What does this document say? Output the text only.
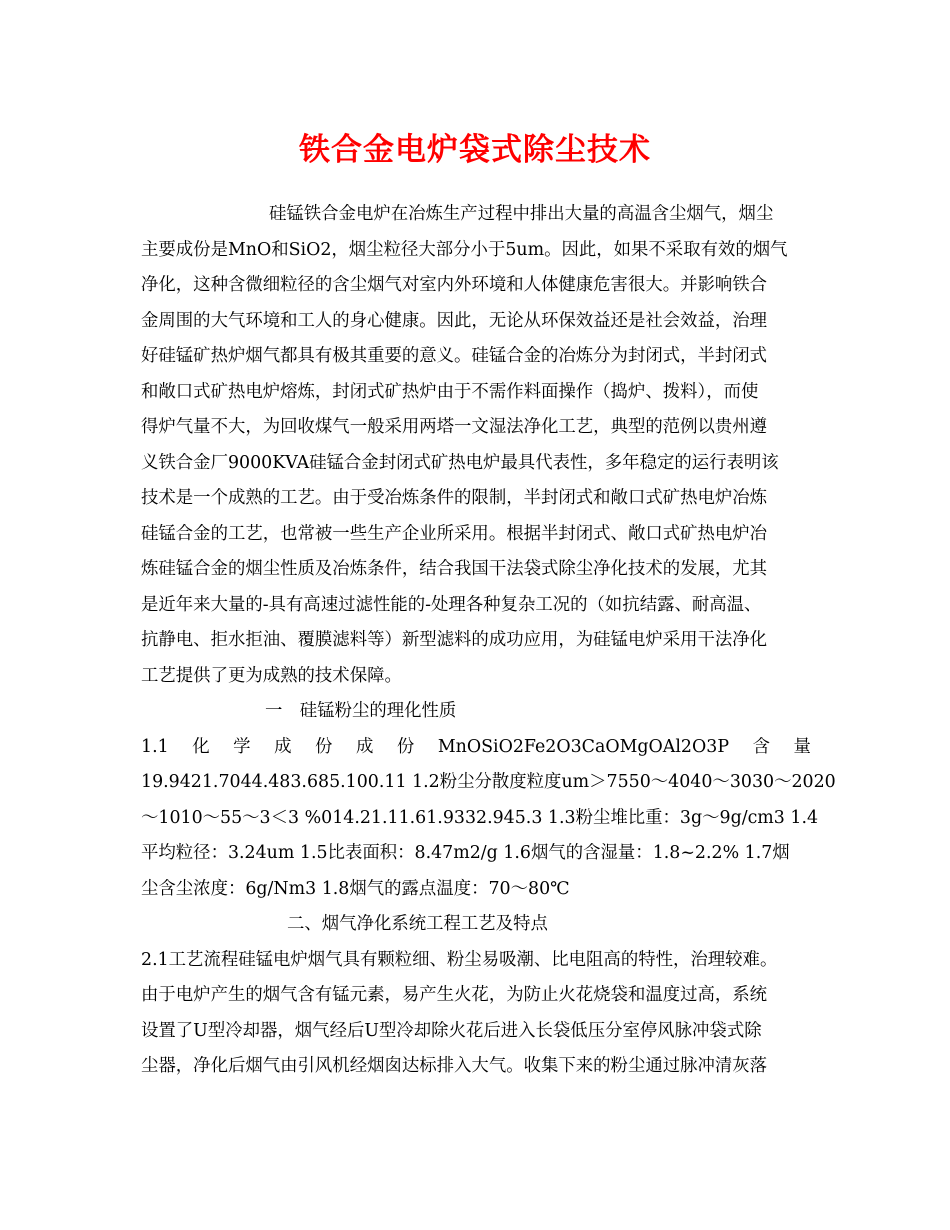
铁合金电炉袋式除尘技术
硅锰铁合金电炉在冶炼生产过程中排出大量的高温含尘烟气，烟尘
主要成份是MnO和SiO2，烟尘粒径大部分小于5um。因此，如果不采取有效的烟气
净化，这种含微细粒径的含尘烟气对室内外环境和人体健康危害很大。并影响铁合
金周围的大气环境和工人的身心健康。因此，无论从环保效益还是社会效益，治理
好硅锰矿热炉烟气都具有极其重要的意义。硅锰合金的冶炼分为封闭式，半封闭式
和敞口式矿热电炉熔炼，封闭式矿热炉由于不需作料面操作（捣炉、拨料），而使
得炉气量不大，为回收煤气一般采用两塔一文湿法净化工艺，典型的范例以贵州遵
义铁合金厂9000KVA硅锰合金封闭式矿热电炉最具代表性，多年稳定的运行表明该
技术是一个成熟的工艺。由于受冶炼条件的限制，半封闭式和敞口式矿热电炉冶炼
硅锰合金的工艺，也常被一些生产企业所采用。根据半封闭式、敞口式矿热电炉冶
炼硅锰合金的烟尘性质及冶炼条件，结合我国干法袋式除尘净化技术的发展，尤其
是近年来大量的-具有高速过滤性能的-处理各种复杂工况的（如抗结露、耐高温、
抗静电、拒水拒油、覆膜滤料等）新型滤料的成功应用，为硅锰电炉采用干法净化
工艺提供了更为成熟的技术保障。
一　硅锰粉尘的理化性质
1.1 化 学 成 份 成 份 MnOSiO2Fe2O3CaOMgOAl2O3P 含 量
19.9421.7044.483.685.100.11 1.2粉尘分散度粒度um＞7550～4040～3030～2020
～1010～55～3＜3 %014.21.11.61.9332.945.3 1.3粉尘堆比重：3g～9g/cm3 1.4
平均粒径：3.24um 1.5比表面积：8.47m2/g 1.6烟气的含湿量：1.8~2.2% 1.7烟
尘含尘浓度：6g/Nm3 1.8烟气的露点温度：70～80℃
二、烟气净化系统工程工艺及特点
2.1工艺流程硅锰电炉烟气具有颗粒细、粉尘易吸潮、比电阻高的特性，治理较难。
由于电炉产生的烟气含有锰元素，易产生火花，为防止火花烧袋和温度过高，系统
设置了U型冷却器，烟气经后U型冷却除火花后进入长袋低压分室停风脉冲袋式除
尘器，净化后烟气由引风机经烟囱达标排入大气。收集下来的粉尘通过脉冲清灰落
